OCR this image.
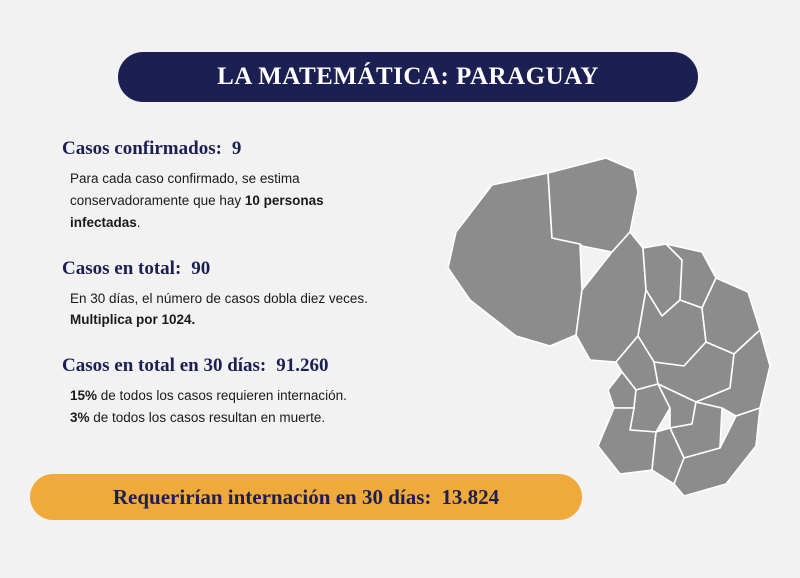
LA MATEMÁTICA: PARAGUAY
Casos confirmados: 9
Para cada caso confirmado, se estima conservadoramente que hay 10 personas infectadas.
Casos en total: 90
En 30 días, el número de casos dobla diez veces. Multiplica por 1024.
Casos en total en 30 días: 91.260
15% de todos los casos requieren internación.
3% de todos los casos resultan en muerte.
Requerirían internación en 30 días: 13.824
